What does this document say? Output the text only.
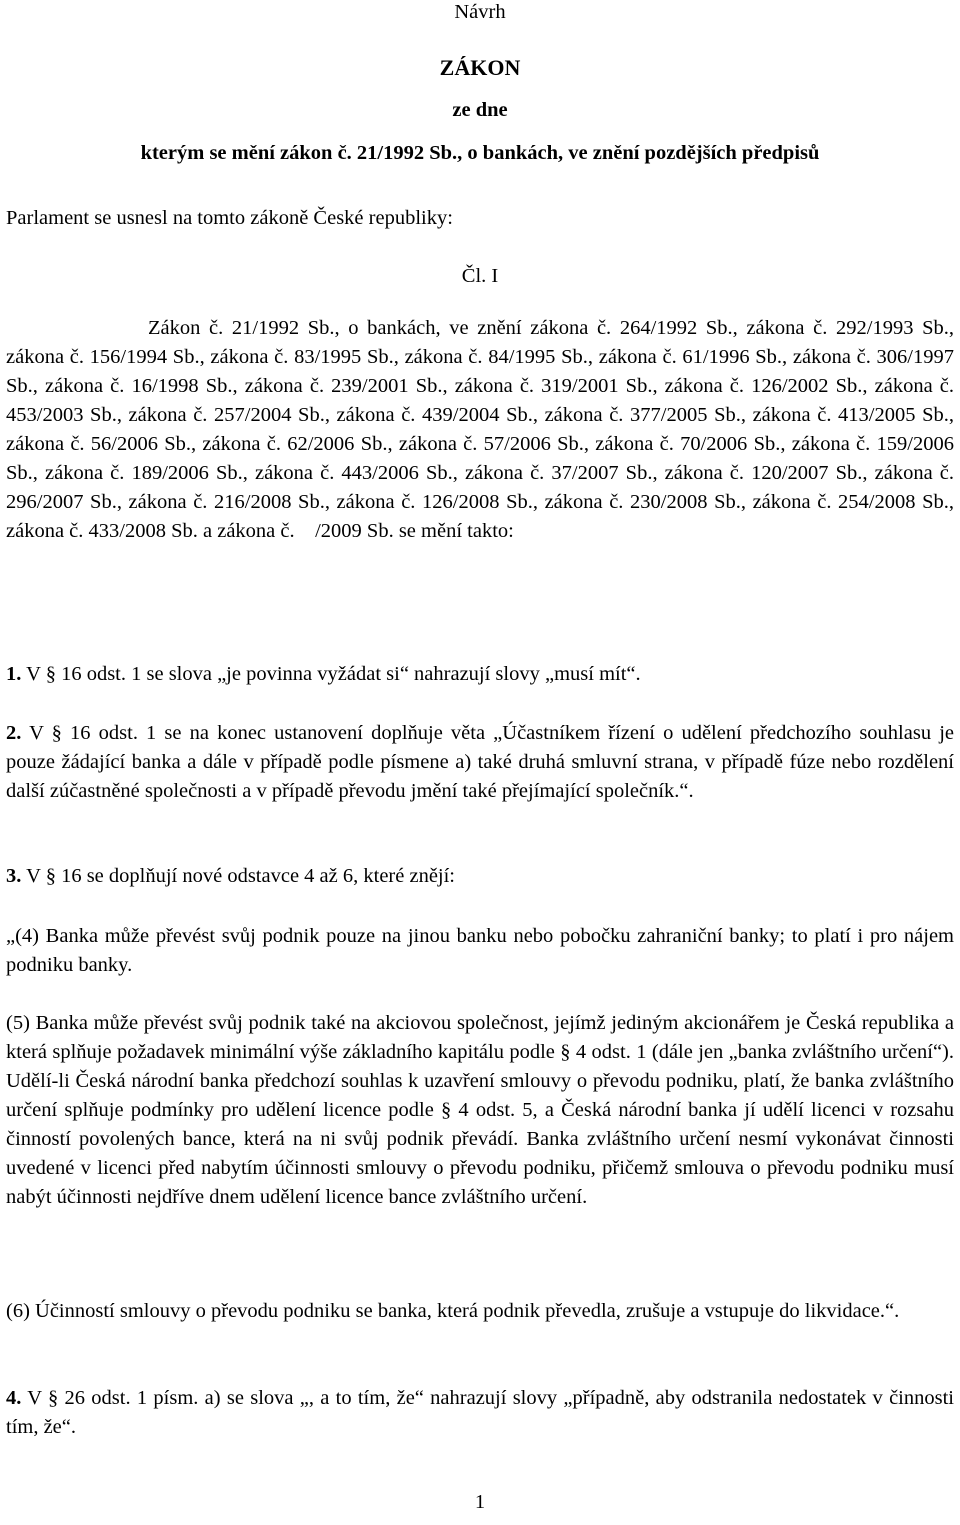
Návrh

ZÁKON

ze dne

kterým se mění zákon č. 21/1992 Sb., o bankách, ve znění pozdějších předpisů

Parlament se usnesl na tomto zákoně České republiky:

Čl. I

Zákon č. 21/1992 Sb., o bankách, ve znění zákona č. 264/1992 Sb., zákona č. 292/1993 Sb., zákona č. 156/1994 Sb., zákona č. 83/1995 Sb., zákona č. 84/1995 Sb., zákona č. 61/1996 Sb., zákona č. 306/1997 Sb., zákona č. 16/1998 Sb., zákona č. 239/2001 Sb., zákona č. 319/2001 Sb., zákona č. 126/2002 Sb., zákona č. 453/2003 Sb., zákona č. 257/2004 Sb., zákona č. 439/2004 Sb., zákona č. 377/2005 Sb., zákona č. 413/2005 Sb., zákona č. 56/2006 Sb., zákona č. 62/2006 Sb., zákona č. 57/2006 Sb., zákona č. 70/2006 Sb., zákona č. 159/2006 Sb., zákona č. 189/2006 Sb., zákona č. 443/2006 Sb., zákona č. 37/2007 Sb., zákona č. 120/2007 Sb., zákona č. 296/2007 Sb., zákona č. 216/2008 Sb., zákona č. 126/2008 Sb., zákona č. 230/2008 Sb., zákona č. 254/2008 Sb., zákona č. 433/2008 Sb. a zákona č.    /2009 Sb. se mění takto:

1. V § 16 odst. 1 se slova „je povinna vyžádat si“ nahrazují slovy „musí mít“.

2. V § 16 odst. 1 se na konec ustanovení doplňuje věta „Účastníkem řízení o udělení předchozího souhlasu je pouze žádající banka a dále v případě podle písmene a) také druhá smluvní strana, v případě fúze nebo rozdělení další zúčastněné společnosti a v případě převodu jmění také přejímající společník.“.

3. V § 16 se doplňují nové odstavce 4 až 6, které znějí:

„(4) Banka může převést svůj podnik pouze na jinou banku nebo pobočku zahraniční banky; to platí i pro nájem podniku banky.

(5) Banka může převést svůj podnik také na akciovou společnost, jejímž jediným akcionářem je Česká republika a která splňuje požadavek minimální výše základního kapitálu podle § 4 odst. 1 (dále jen „banka zvláštního určení“). Udělí-li Česká národní banka předchozí souhlas k uzavření smlouvy o převodu podniku, platí, že banka zvláštního určení splňuje podmínky pro udělení licence podle § 4 odst. 5, a Česká národní banka jí udělí licenci v rozsahu činností povolených bance, která na ni svůj podnik převádí. Banka zvláštního určení nesmí vykonávat činnosti uvedené v licenci před nabytím účinnosti smlouvy o převodu podniku, přičemž smlouva o převodu podniku musí nabýt účinnosti nejdříve dnem udělení licence bance zvláštního určení.

(6) Účinností smlouvy o převodu podniku se banka, která podnik převedla, zrušuje a vstupuje do likvidace.“.

4. V § 26 odst. 1 písm. a) se slova „, a to tím, že“ nahrazují slovy „případně, aby odstranila nedostatek v činnosti tím, že“.

1
